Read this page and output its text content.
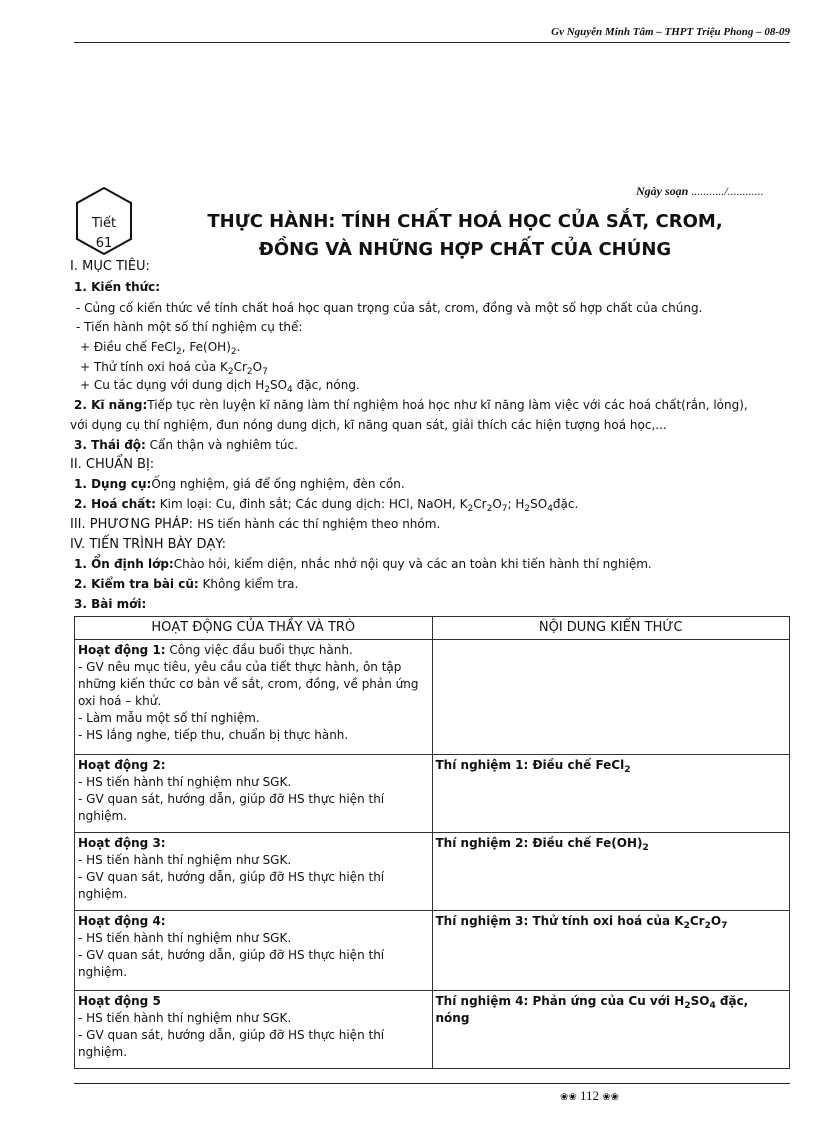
Gv Nguyễn Minh Tâm – THPT Triệu Phong – 08-09
Ngày soạn .........../............
Tiết
61
THỰC HÀNH: TÍNH CHẤT HOÁ HỌC CỦA SẮT, CROM,
ĐỒNG VÀ NHỮNG HỢP CHẤT CỦA CHÚNG
I. MỤC TIÊU:
1. Kiến thức:
- Củng cố kiến thức về tính chất hoá học quan trọng của sắt, crom, đồng và một số hợp chất của chúng.
- Tiến hành một số thí nghiệm cụ thể:
+ Điều chế FeCl$_2$, $Fe(OH)_2$.
+ Thử tính oxi hoá của $K_2Cr_2O_7$
+ Cu tác dụng với dung dịch $H_2SO_4$ đặc, nóng.
2. Kĩ năng:Tiếp tục rèn luyện kĩ năng làm thí nghiệm hoá học như kĩ năng làm việc với các hoá chất(rắn, lỏng),
với dụng cụ thí nghiệm, đun nóng dung dịch, kĩ năng quan sát, giải thích các hiện tượng hoá học,...
3. Thái độ: Cẩn thận và nghiêm túc.
II. CHUẨN BỊ:
1. Dụng cụ:Ống nghiệm, giá để ống nghiệm, đèn cồn.
2. Hoá chất: Kim loại: Cu, đinh sắt; Các dung dịch: HCl, NaOH, $K_2Cr_2O_7$; $H_2SO_4đặc$.
III. PHƯƠNG PHÁP: HS tiến hành các thí nghiệm theo nhóm.
IV. TIẾN TRÌNH BÀY DẠY:
1. Ổn định lớp:Chào hỏi, kiểm diện, nhắc nhở nội quy và các an toàn khi tiến hành thí nghiệm.
2. Kiểm tra bài cũ: Không kiểm tra.
3. Bài mới:
HOẠT ĐỘNG CỦA THẦY VÀ TRÒ	NỘI DUNG KIẾN THỨC

Hoạt động 1: Công việc đầu buổi thực hành.
- GV nêu mục tiêu, yêu cầu của tiết thực hành, ôn tập những kiến thức cơ bản về sắt, crom, đồng, về phản ứng oxi hoá – khử.
- Làm mẫu một số thí nghiệm.
- HS lắng nghe, tiếp thu, chuẩn bị thực hành.	

Hoạt động 2:
- HS tiến hành thí nghiệm như SGK.
- GV quan sát, hướng dẫn, giúp đỡ HS thực hiện thí nghiệm.	Thí nghiệm 1: Điều chế FeCl$_2$

Hoạt động 3:
- HS tiến hành thí nghiệm như SGK.
- GV quan sát, hướng dẫn, giúp đỡ HS thực hiện thí nghiệm.	Thí nghiệm 2: Điều chế $Fe(OH)_2$

Hoạt động 4:
- HS tiến hành thí nghiệm như SGK.
- GV quan sát, hướng dẫn, giúp đỡ HS thực hiện thí nghiệm.	Thí nghiệm 3: Thử tính oxi hoá của $K_2Cr_2O_7$

Hoạt động 5
- HS tiến hành thí nghiệm như SGK.
- GV quan sát, hướng dẫn, giúp đỡ HS thực hiện thí nghiệm.	Thí nghiệm 4: Phản ứng của Cu với $H_2SO_4$ đặc, nóng
❀❀ 112 ❀❀
